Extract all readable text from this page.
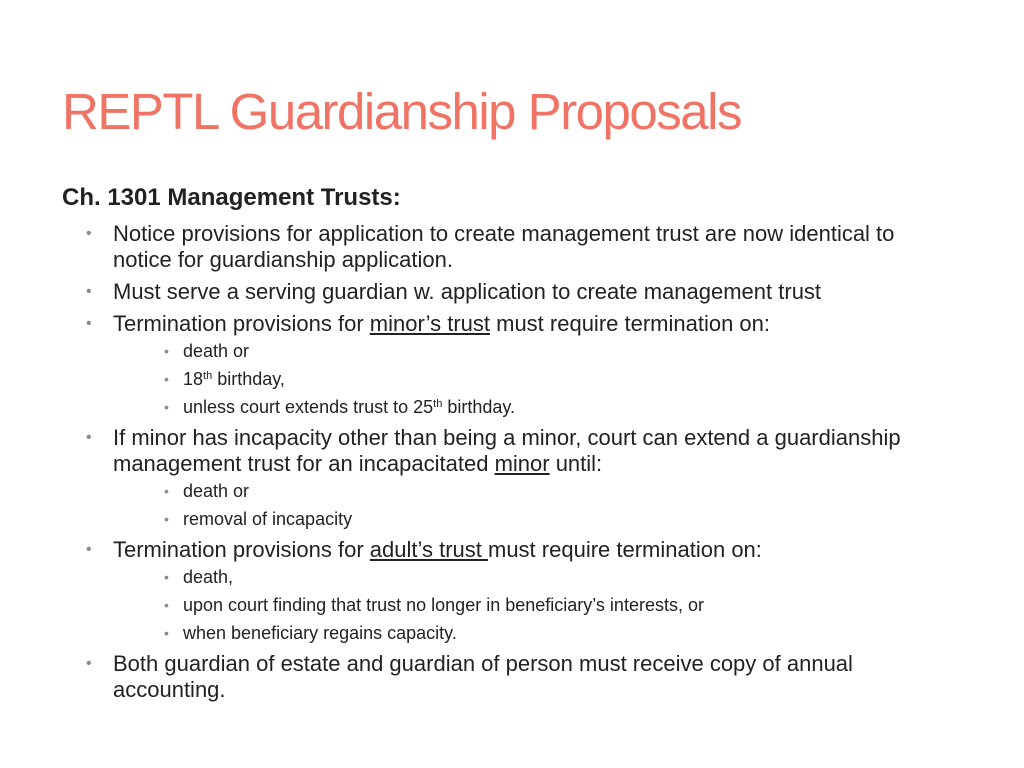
REPTL Guardianship Proposals
Ch. 1301 Management Trusts:
• Notice provisions for application to create management trust are now identical to notice for guardianship application.
• Must serve a serving guardian w. application to create management trust
• Termination provisions for minor’s trust must require termination on:
• death or
• 18th birthday,
• unless court extends trust to 25th birthday.
• If minor has incapacity other than being a minor, court can extend a guardianship management trust for an incapacitated minor until:
• death or
• removal of incapacity
• Termination provisions for adult’s trust must require termination on:
• death,
• upon court finding that trust no longer in beneficiary’s interests, or
• when beneficiary regains capacity.
• Both guardian of estate and guardian of person must receive copy of annual accounting.
